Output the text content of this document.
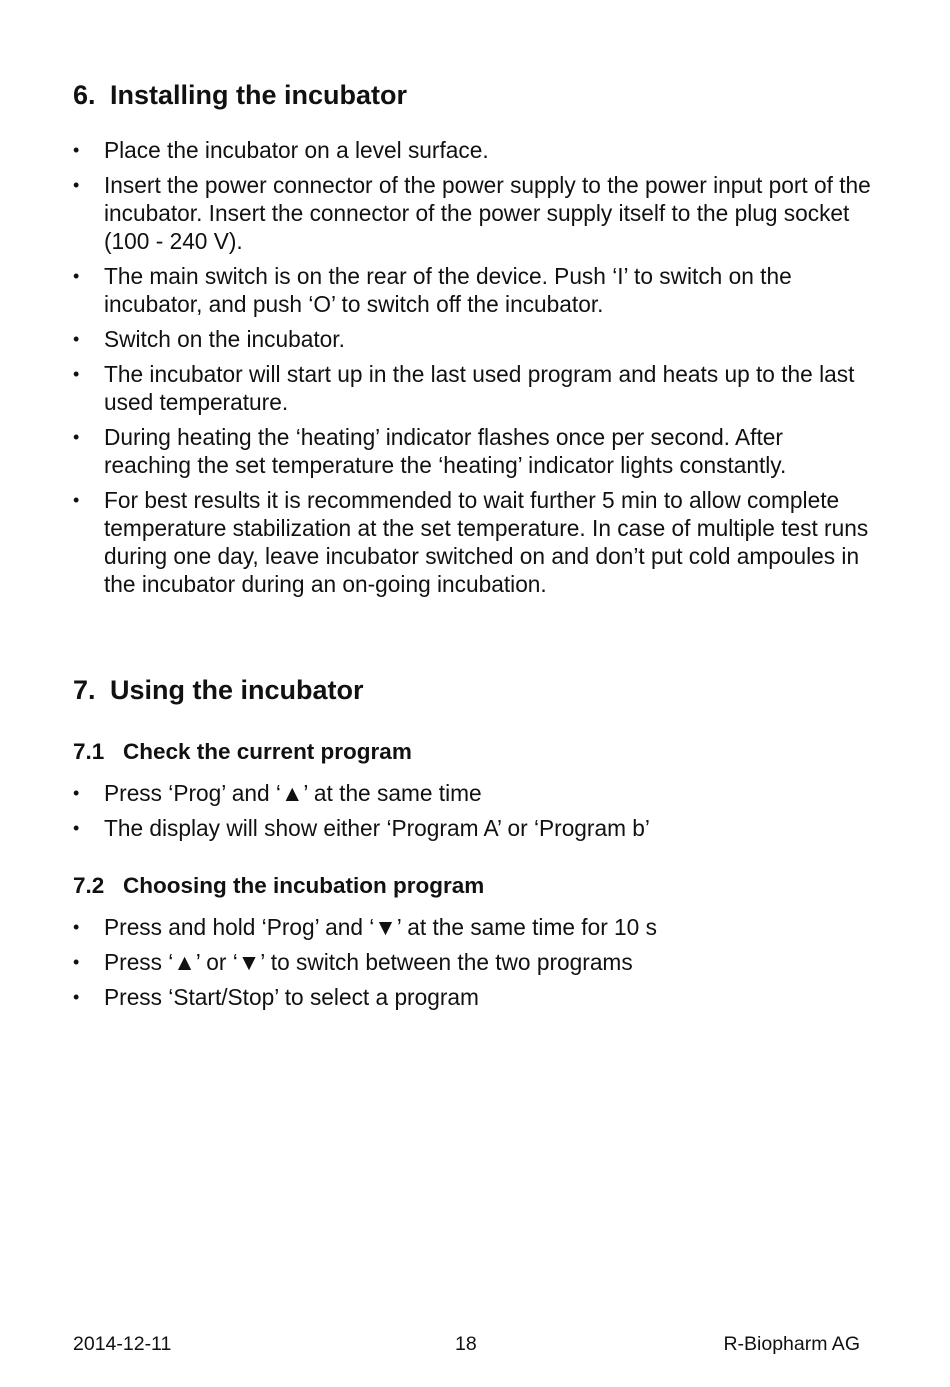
6. Installing the incubator
• Place the incubator on a level surface.
• Insert the power connector of the power supply to the power input port of the incubator. Insert the connector of the power supply itself to the plug socket (100 - 240 V).
• The main switch is on the rear of the device. Push ‘I’ to switch on the incubator, and push ‘O’ to switch off the incubator.
• Switch on the incubator.
• The incubator will start up in the last used program and heats up to the last used temperature.
• During heating the ‘heating’ indicator flashes once per second. After reaching the set temperature the ‘heating’ indicator lights constantly.
• For best results it is recommended to wait further 5 min to allow complete temperature stabilization at the set temperature. In case of multiple test runs during one day, leave incubator switched on and don’t put cold ampoules in the incubator during an on-going incubation.
7. Using the incubator
7.1 Check the current program
• Press ‘Prog’ and ‘▲’ at the same time
• The display will show either ‘Program A’ or ‘Program b’
7.2 Choosing the incubation program
• Press and hold ‘Prog’ and ‘▼’ at the same time for 10 s
• Press ‘▲’ or ‘▼’ to switch between the two programs
• Press ‘Start/Stop’ to select a program
2014-12-11	18	R-Biopharm AG
